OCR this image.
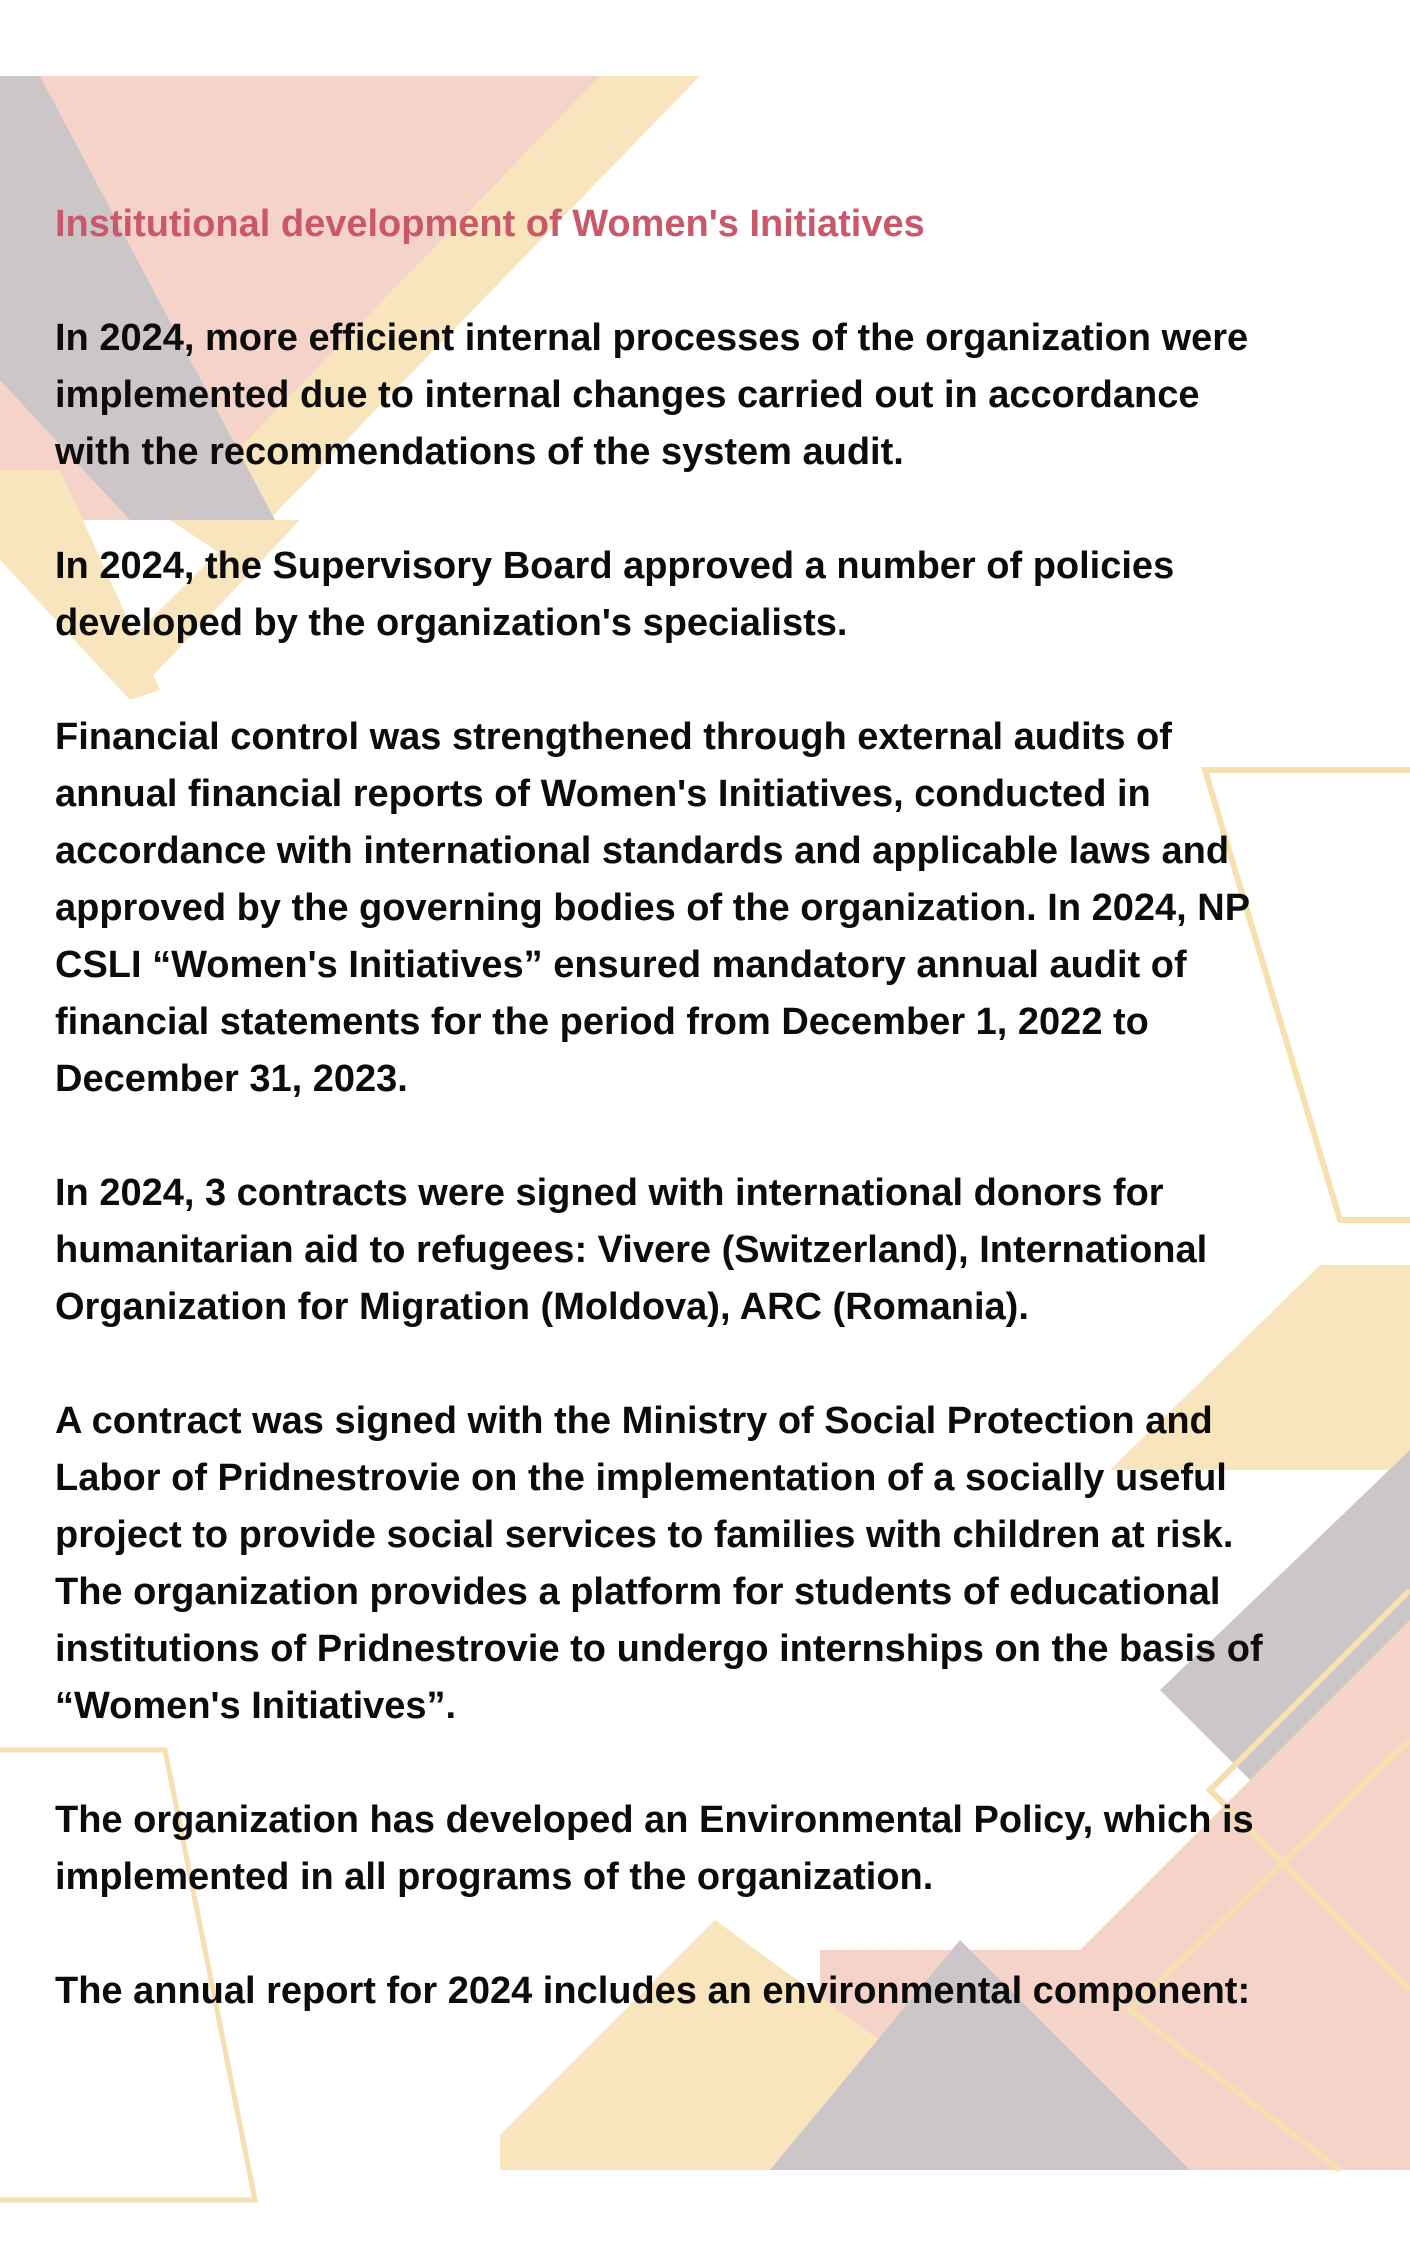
Institutional development of Women's Initiatives
In 2024, more efficient internal processes of the organization were
implemented due to internal changes carried out in accordance
with the recommendations of the system audit.
In 2024, the Supervisory Board approved a number of policies
developed by the organization's specialists.
Financial control was strengthened through external audits of
annual financial reports of Women's Initiatives, conducted in
accordance with international standards and applicable laws and
approved by the governing bodies of the organization. In 2024, NP
CSLI “Women's Initiatives” ensured mandatory annual audit of
financial statements for the period from December 1, 2022 to
December 31, 2023.
In 2024, 3 contracts were signed with international donors for
humanitarian aid to refugees: Vivere (Switzerland), International
Organization for Migration (Moldova), ARC (Romania).
A contract was signed with the Ministry of Social Protection and
Labor of Pridnestrovie on the implementation of a socially useful
project to provide social services to families with children at risk.
The organization provides a platform for students of educational
institutions of Pridnestrovie to undergo internships on the basis of
“Women's Initiatives”.
The organization has developed an Environmental Policy, which is
implemented in all programs of the organization.
The annual report for 2024 includes an environmental component:
